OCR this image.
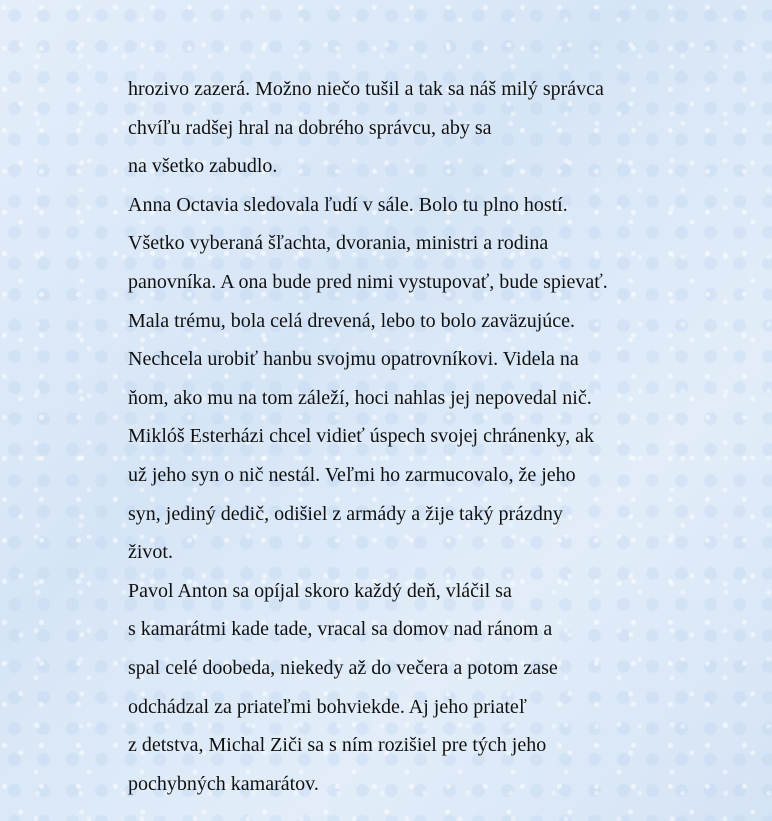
hrozivo zazerá. Možno niečo tušil a tak sa náš milý správca
chvíľu radšej hral na dobrého správcu, aby sa
na všetko zabudlo.
Anna Octavia sledovala ľudí v sále. Bolo tu plno hostí.
Všetko vyberaná šľachta, dvorania, ministri a rodina
panovníka. A ona bude pred nimi vystupovať, bude spievať.
Mala trému, bola celá drevená, lebo to bolo zaväzujúce.
Nechcela urobiť hanbu svojmu opatrovníkovi. Videla na
ňom, ako mu na tom záleží, hoci nahlas jej nepovedal nič.
Miklóš Esterházi chcel vidieť úspech svojej chránenky, ak
už jeho syn o nič nestál. Veľmi ho zarmucovalo, že jeho
syn, jediný dedič, odišiel z armády a žije taký prázdny
život.
Pavol Anton sa opíjal skoro každý deň, vláčil sa
s kamarátmi kade tade, vracal sa domov nad ránom a
spal celé doobeda, niekedy až do večera a potom zase
odchádzal za priateľmi bohviekde. Aj jeho priateľ
z detstva, Michal Ziči sa s ním rozišiel pre tých jeho
pochybných kamarátov.
